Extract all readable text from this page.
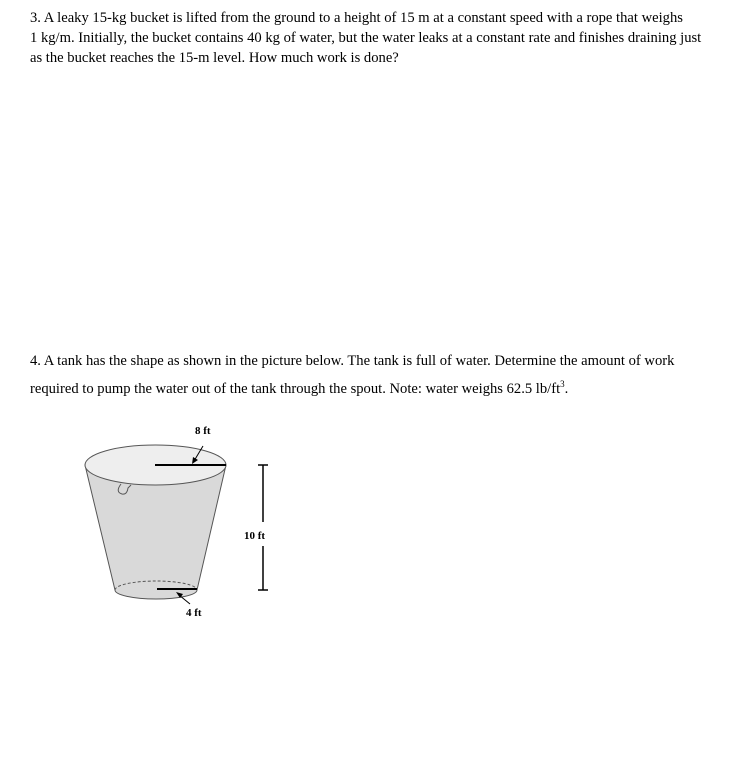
3. A leaky 15-kg bucket is lifted from the ground to a height of 15 m at a constant speed with a rope that weighs
1 kg/m. Initially, the bucket contains 40 kg of water, but the water leaks at a constant rate and finishes draining just
as the bucket reaches the 15-m level. How much work is done?
4. A tank has the shape as shown in the picture below. The tank is full of water. Determine the amount of work
required to pump the water out of the tank through the spout. Note: water weighs 62.5 $lb/ft^3$.
8 ft
4 ft
10 ft
